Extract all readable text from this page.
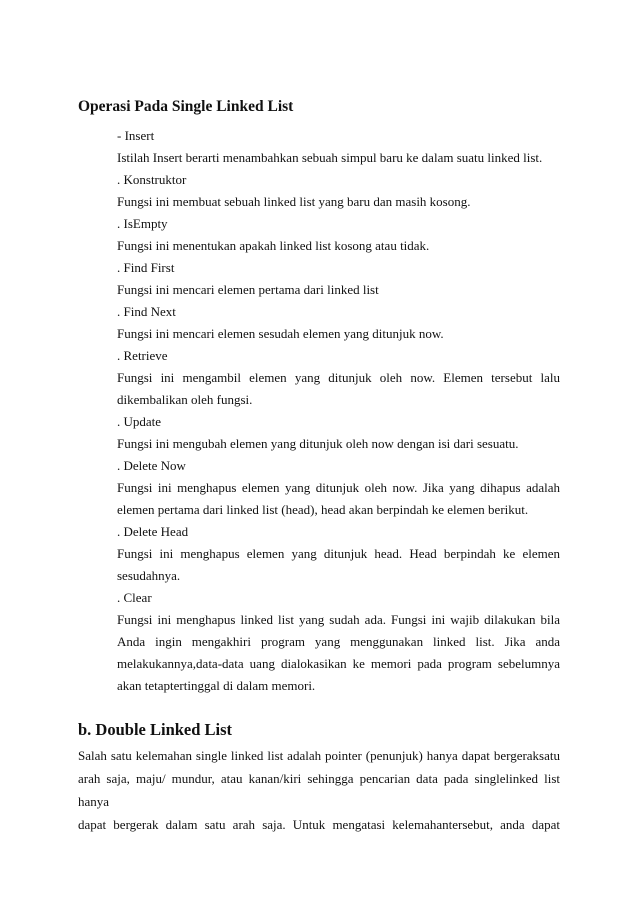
Operasi Pada Single Linked List
- Insert
Istilah Insert berarti menambahkan sebuah simpul baru ke dalam suatu linked list.
. Konstruktor
Fungsi ini membuat sebuah linked list yang baru dan masih kosong.
. IsEmpty
Fungsi ini menentukan apakah linked list kosong atau tidak.
. Find First
Fungsi ini mencari elemen pertama dari linked list
. Find Next
Fungsi ini mencari elemen sesudah elemen yang ditunjuk now.
. Retrieve
Fungsi ini mengambil elemen yang ditunjuk oleh now. Elemen tersebut lalu
dikembalikan oleh fungsi.
. Update
Fungsi ini mengubah elemen yang ditunjuk oleh now dengan isi dari sesuatu.
. Delete Now
Fungsi ini menghapus elemen yang ditunjuk oleh now. Jika yang dihapus adalah
elemen pertama dari linked list (head), head akan berpindah ke elemen berikut.
. Delete Head
Fungsi ini menghapus elemen yang ditunjuk head. Head berpindah ke elemen
sesudahnya.
. Clear
Fungsi ini menghapus linked list yang sudah ada. Fungsi ini wajib dilakukan bila
Anda ingin mengakhiri program yang menggunakan linked list. Jika anda
melakukannya,data-data uang dialokasikan ke memori pada program sebelumnya
akan tetaptertinggal di dalam memori.
b. Double Linked List
Salah satu kelemahan single linked list adalah pointer (penunjuk) hanya dapat bergeraksatu
arah saja, maju/ mundur, atau kanan/kiri sehingga pencarian data pada singlelinked list hanya
dapat bergerak dalam satu arah saja. Untuk mengatasi kelemahantersebut, anda dapat
